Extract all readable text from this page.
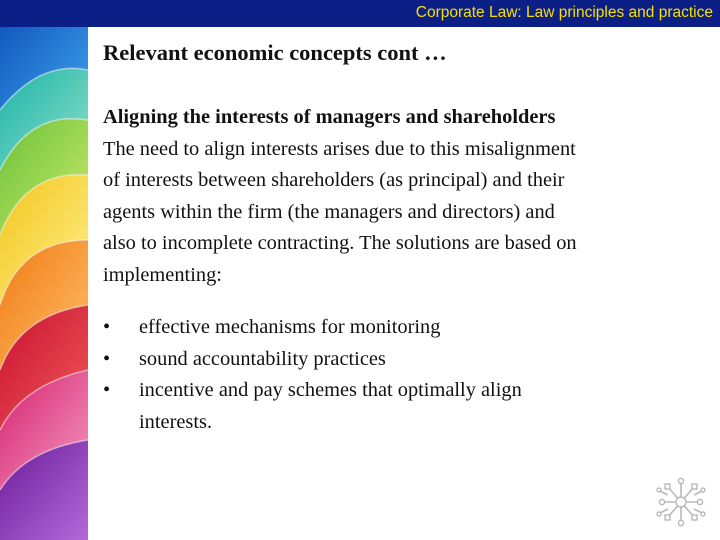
Corporate Law: Law principles and practice
Relevant economic concepts cont …
Aligning the interests of managers and shareholders

The need to align interests arises due to this misalignment
of interests between shareholders (as principal) and their
agents within the firm (the managers and directors) and
also to incomplete contracting. The solutions are based on
implementing:

•	effective mechanisms for monitoring
•	sound accountability practices
•	incentive and pay schemes that optimally align
interests.
